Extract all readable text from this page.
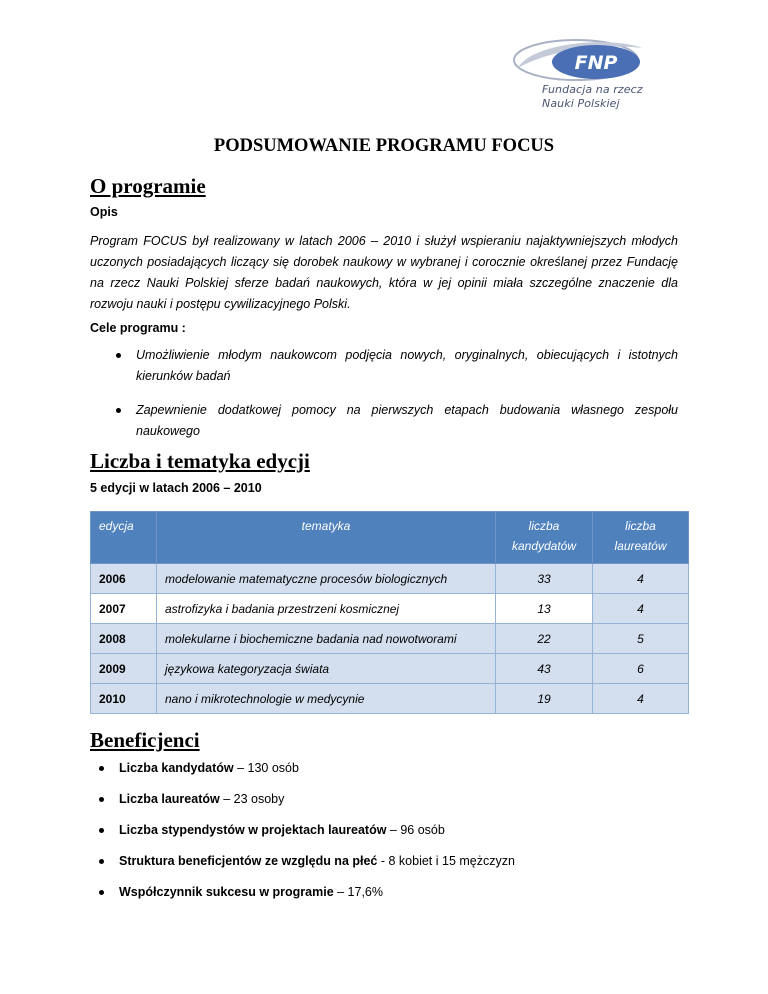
FNP
Fundacja na rzecz
Nauki Polskiej
PODSUMOWANIE PROGRAMU FOCUS
O programie
Opis
Program FOCUS był realizowany w latach 2006 – 2010 i służył wspieraniu najaktywniejszych młodych uczonych posiadających liczący się dorobek naukowy w wybranej i corocznie określanej przez Fundację na rzecz Nauki Polskiej sferze badań naukowych, która w jej opinii miała szczególne znaczenie dla rozwoju nauki i postępu cywilizacyjnego Polski.
Cele programu :
Umożliwienie młodym naukowcom podjęcia nowych, oryginalnych, obiecujących i istotnych kierunków badań
Zapewnienie dodatkowej pomocy na pierwszych etapach budowania własnego zespołu naukowego
Liczba i tematyka edycji
5 edycji w latach 2006 – 2010
edycja	tematyka	liczba kandydatów	liczba laureatów
2006	modelowanie matematyczne procesów biologicznych	33	4
2007	astrofizyka i badania przestrzeni kosmicznej	13	4
2008	molekularne i biochemiczne badania nad nowotworami	22	5
2009	językowa kategoryzacja świata	43	6
2010	nano i mikrotechnologie w medycynie	19	4
Beneficjenci
Liczba kandydatów – 130 osób
Liczba laureatów – 23 osoby
Liczba stypendystów w projektach laureatów – 96 osób
Struktura beneficjentów ze względu na płeć - 8 kobiet i 15 mężczyzn
Współczynnik sukcesu w programie – 17,6%
